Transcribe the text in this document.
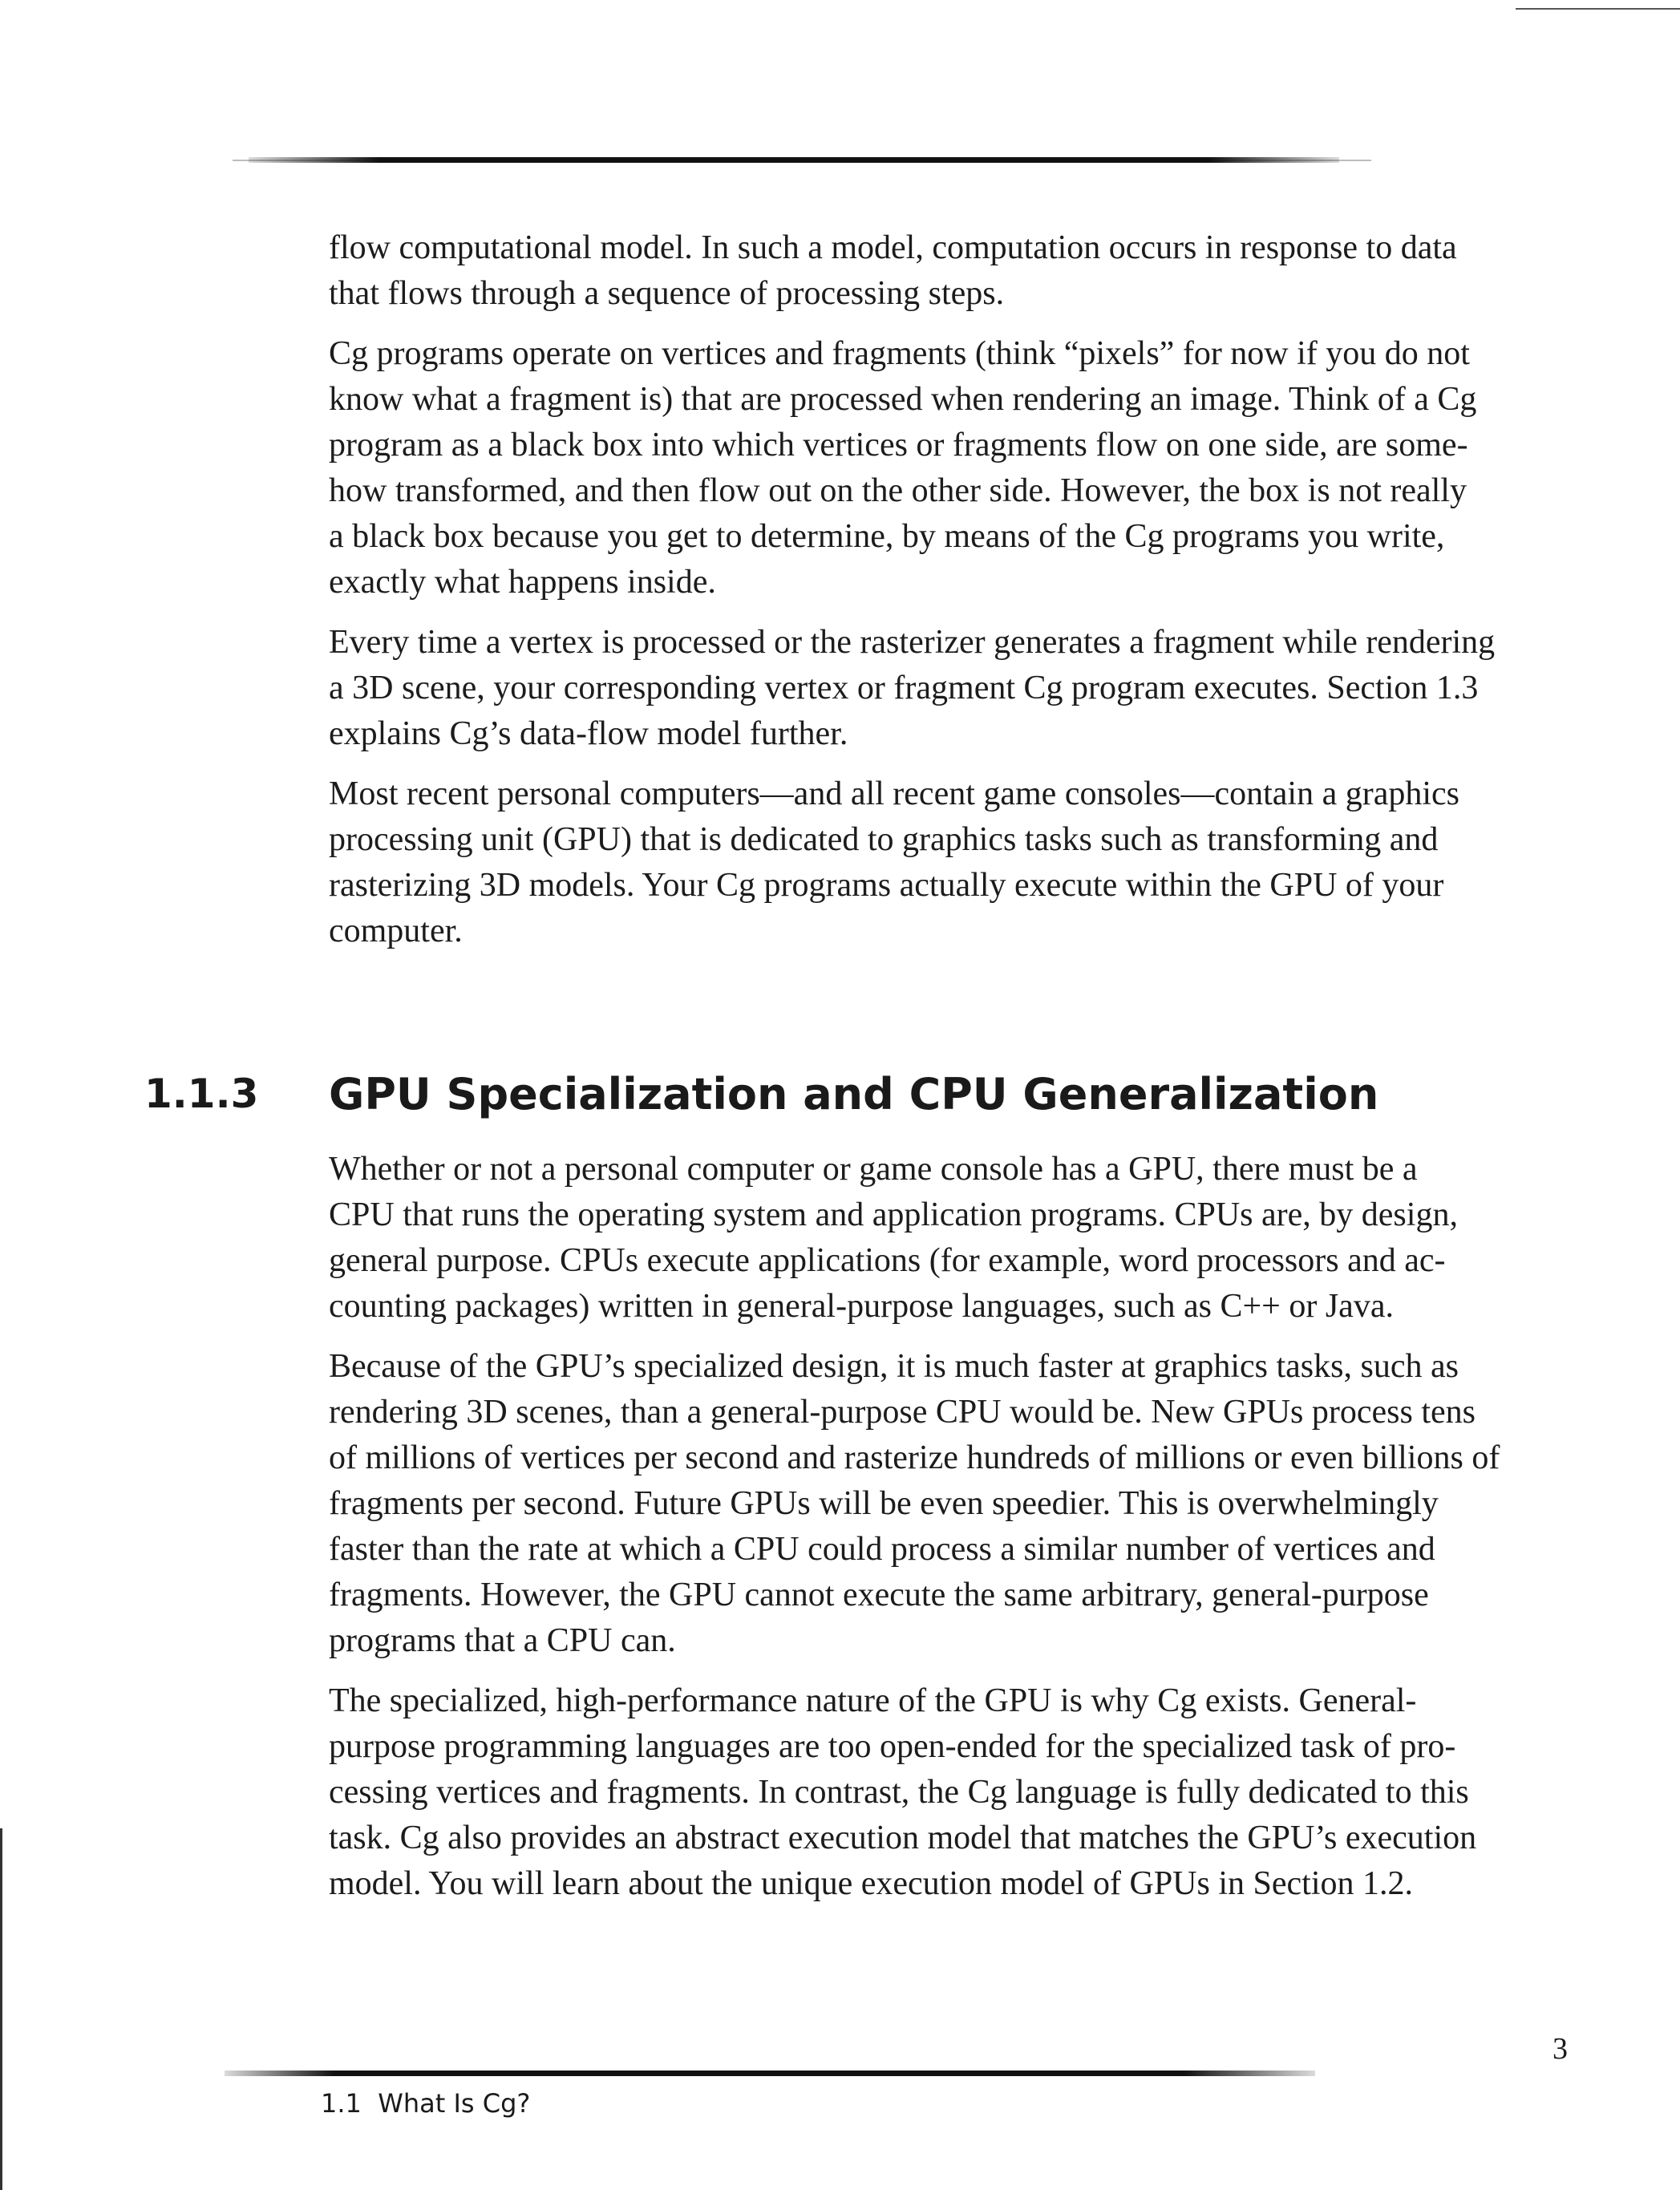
flow computational model. In such a model, computation occurs in response to data
that flows through a sequence of processing steps.

Cg programs operate on vertices and fragments (think “pixels” for now if you do not
know what a fragment is) that are processed when rendering an image. Think of a Cg
program as a black box into which vertices or fragments flow on one side, are some-
how transformed, and then flow out on the other side. However, the box is not really
a black box because you get to determine, by means of the Cg programs you write,
exactly what happens inside.

Every time a vertex is processed or the rasterizer generates a fragment while rendering
a 3D scene, your corresponding vertex or fragment Cg program executes. Section 1.3
explains Cg’s data-flow model further.

Most recent personal computers—and all recent game consoles—contain a graphics
processing unit (GPU) that is dedicated to graphics tasks such as transforming and
rasterizing 3D models. Your Cg programs actually execute within the GPU of your
computer.

1.1.3 GPU Specialization and CPU Generalization

Whether or not a personal computer or game console has a GPU, there must be a
CPU that runs the operating system and application programs. CPUs are, by design,
general purpose. CPUs execute applications (for example, word processors and ac-
counting packages) written in general-purpose languages, such as C++ or Java.

Because of the GPU’s specialized design, it is much faster at graphics tasks, such as
rendering 3D scenes, than a general-purpose CPU would be. New GPUs process tens
of millions of vertices per second and rasterize hundreds of millions or even billions of
fragments per second. Future GPUs will be even speedier. This is overwhelmingly
faster than the rate at which a CPU could process a similar number of vertices and
fragments. However, the GPU cannot execute the same arbitrary, general-purpose
programs that a CPU can.

The specialized, high-performance nature of the GPU is why Cg exists. General-
purpose programming languages are too open-ended for the specialized task of pro-
cessing vertices and fragments. In contrast, the Cg language is fully dedicated to this
task. Cg also provides an abstract execution model that matches the GPU’s execution
model. You will learn about the unique execution model of GPUs in Section 1.2.

3
1.1  What Is Cg?
